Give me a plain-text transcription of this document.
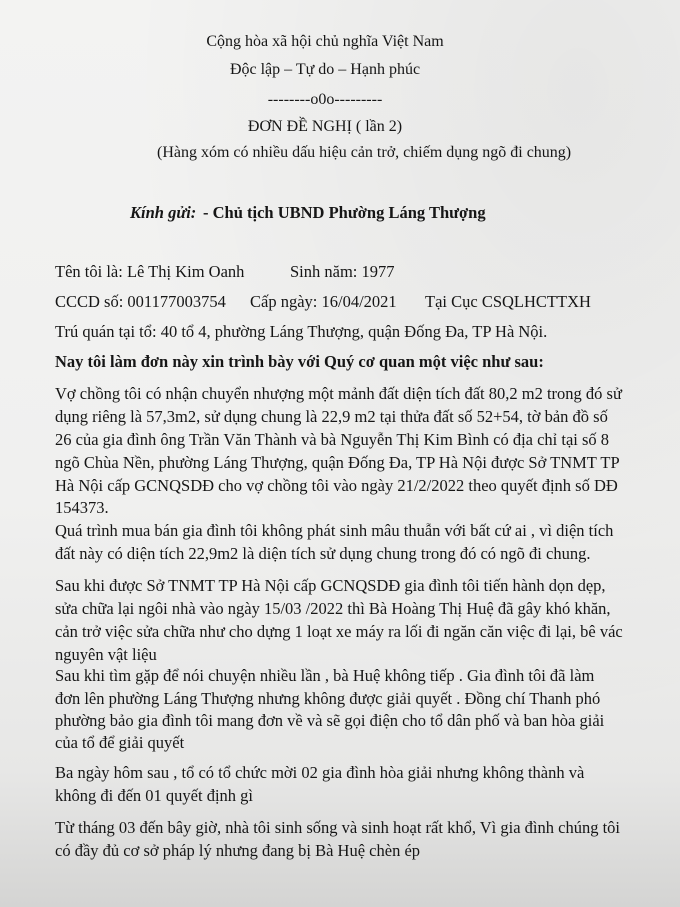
Cộng hòa xã hội chủ nghĩa Việt Nam
Độc lập – Tự do – Hạnh phúc
--------o0o---------
ĐƠN ĐỀ NGHỊ ( lần 2)
(Hàng xóm có nhiều dấu hiệu cản trở, chiếm dụng ngõ đi chung)
Kính gửi: - Chủ tịch UBND Phường Láng Thượng
Tên tôi là: Lê Thị Kim Oanh	Sinh năm: 1977
CCCD số: 001177003754 Cấp ngày: 16/04/2021 Tại Cục CSQLHCTTXH
Trú quán tại tổ: 40 tổ 4, phường Láng Thượng, quận Đống Đa, TP Hà Nội.
Nay tôi làm đơn này xin trình bày với Quý cơ quan một việc như sau:
Vợ chồng tôi có nhận chuyển nhượng một mảnh đất diện tích đất 80,2 m2 trong đó sử
dụng riêng là 57,3m2, sử dụng chung là 22,9 m2 tại thửa đất số 52+54, tờ bản đồ số
26 của gia đình ông Trần Văn Thành và bà Nguyễn Thị Kim Bình có địa chỉ tại số 8
ngõ Chùa Nền, phường Láng Thượng, quận Đống Đa, TP Hà Nội được Sở TNMT TP
Hà Nội cấp GCNQSDĐ cho vợ chồng tôi vào ngày 21/2/2022 theo quyết định số DĐ
154373.
Quá trình mua bán gia đình tôi không phát sinh mâu thuẫn với bất cứ ai , vì diện tích
đất này có diện tích 22,9m2 là diện tích sử dụng chung trong đó có ngõ đi chung.
Sau khi được Sở TNMT TP Hà Nội cấp GCNQSDĐ gia đình tôi tiến hành dọn dẹp,
sửa chữa lại ngôi nhà vào ngày 15/03 /2022 thì Bà Hoàng Thị Huệ đã gây khó khăn,
cản trở việc sửa chữa như cho dựng 1 loạt xe máy ra lối đi ngăn căn việc đi lại, bê vác
nguyên vật liệu
Sau khi tìm gặp để nói chuyện nhiều lần , bà Huệ không tiếp . Gia đình tôi đã làm
đơn lên phường Láng Thượng nhưng không được giải quyết . Đồng chí Thanh phó
phường bảo gia đình tôi mang đơn về và sẽ gọi điện cho tổ dân phố và ban hòa giải
của tổ để giải quyết
Ba ngày hôm sau , tổ có tổ chức mời 02 gia đình hòa giải nhưng không thành và
không đi đến 01 quyết định gì
Từ tháng 03 đến bây giờ, nhà tôi sinh sống và sinh hoạt rất khổ, Vì gia đình chúng tôi
có đầy đủ cơ sở pháp lý nhưng đang bị Bà Huệ chèn ép
